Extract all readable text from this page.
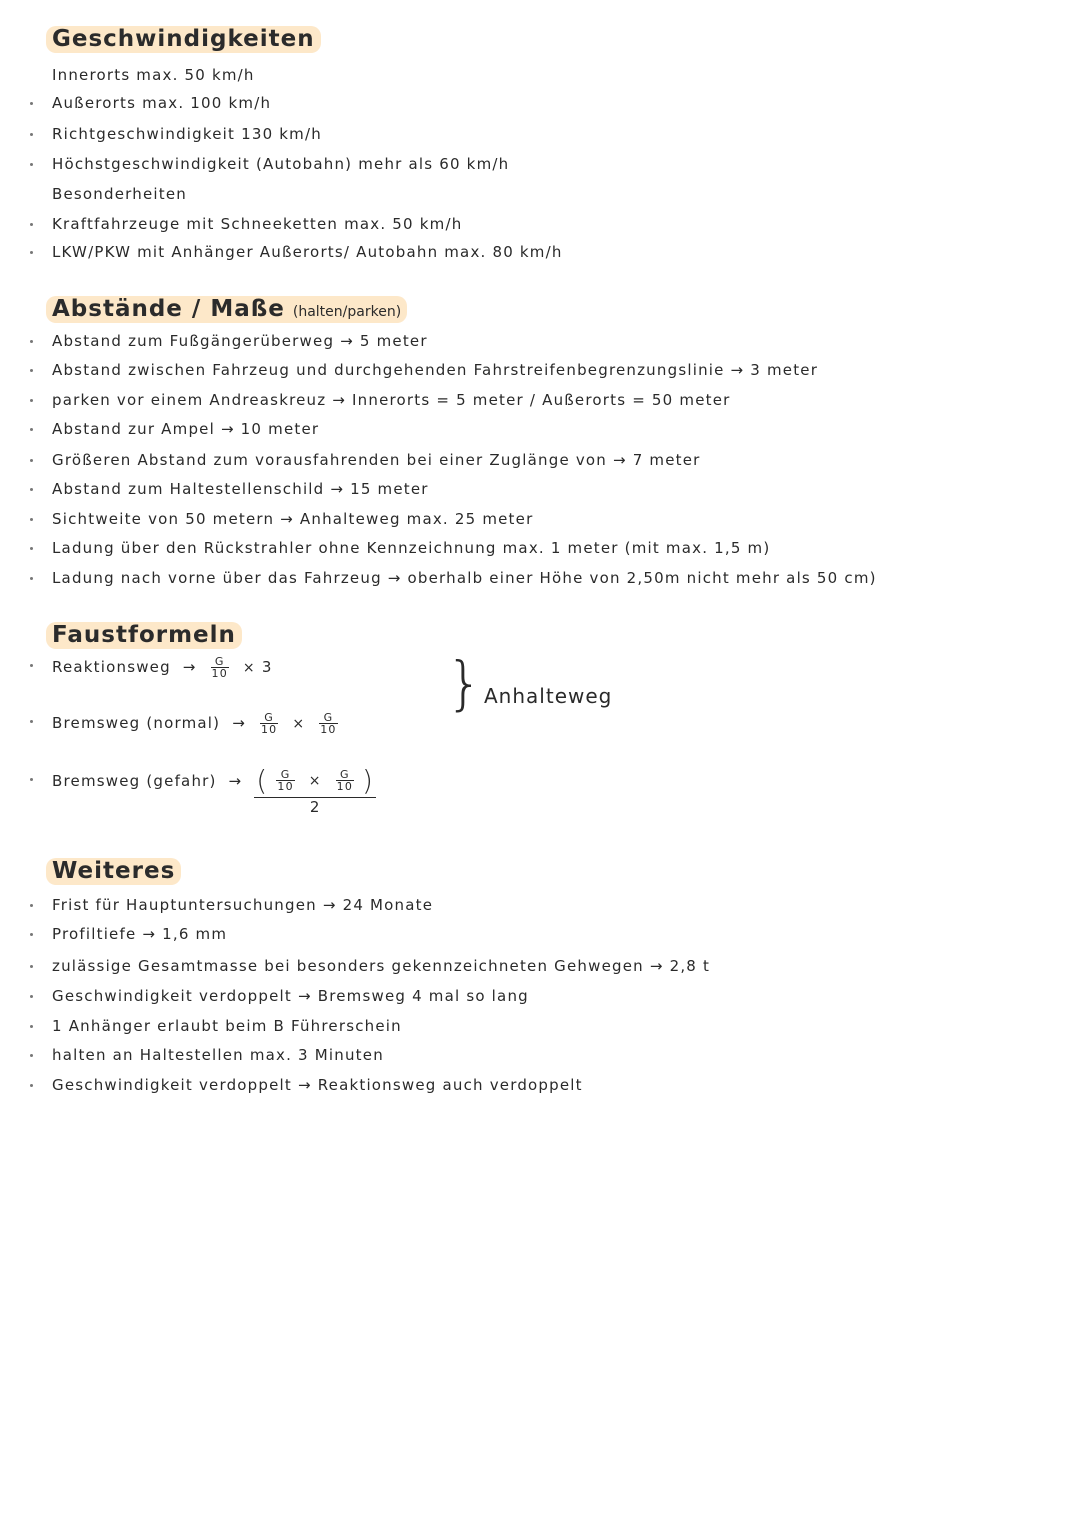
Geschwindigkeiten
Innerorts max. 50 km/h
Außerorts max. 100 km/h
Richtgeschwindigkeit 130 km/h
Höchstgeschwindigkeit (Autobahn) mehr als 60 km/h
Besonderheiten
Kraftfahrzeuge mit Schneeketten max. 50 km/h
LKW/PKW mit Anhänger Außerorts/ Autobahn max. 80 km/h
Abstände / Maße (halten/parken)
Abstand zum Fußgängerüberweg → 5 meter
Abstand zwischen Fahrzeug und durchgehenden Fahrstreifenbegrenzungslinie → 3 meter
parken vor einem Andreaskreuz → Innerorts = 5 meter / Außerorts = 50 meter
Abstand zur Ampel → 10 meter
Größeren Abstand zum vorausfahrenden bei einer Zuglänge von → 7 meter
Abstand zum Haltestellenschild → 15 meter
Sichtweite von 50 metern → Anhalteweg max. 25 meter
Ladung über den Rückstrahler ohne Kennzeichnung max. 1 meter (mit max. 1,5 m)
Ladung nach vorne über das Fahrzeug → oberhalb einer Höhe von 2,50m nicht mehr als 50 cm)
Faustformeln
Reaktionsweg → $\frac{G}{10} \times 3$	} Anhalteweg
Bremsweg (normal) → $\frac{G}{10} \times \frac{G}{10}$
Bremsweg (gefahr) → $\frac{( \frac{G}{10} \times \frac{G}{10} )}{2}$
Weiteres
Frist für Hauptuntersuchungen → 24 Monate
Profiltiefe → 1,6 mm
zulässige Gesamtmasse bei besonders gekennzeichneten Gehwegen → 2,8 t
Geschwindigkeit verdoppelt → Bremsweg 4 mal so lang
1 Anhänger erlaubt beim B Führerschein
halten an Haltestellen max. 3 Minuten
Geschwindigkeit verdoppelt → Reaktionsweg auch verdoppelt
